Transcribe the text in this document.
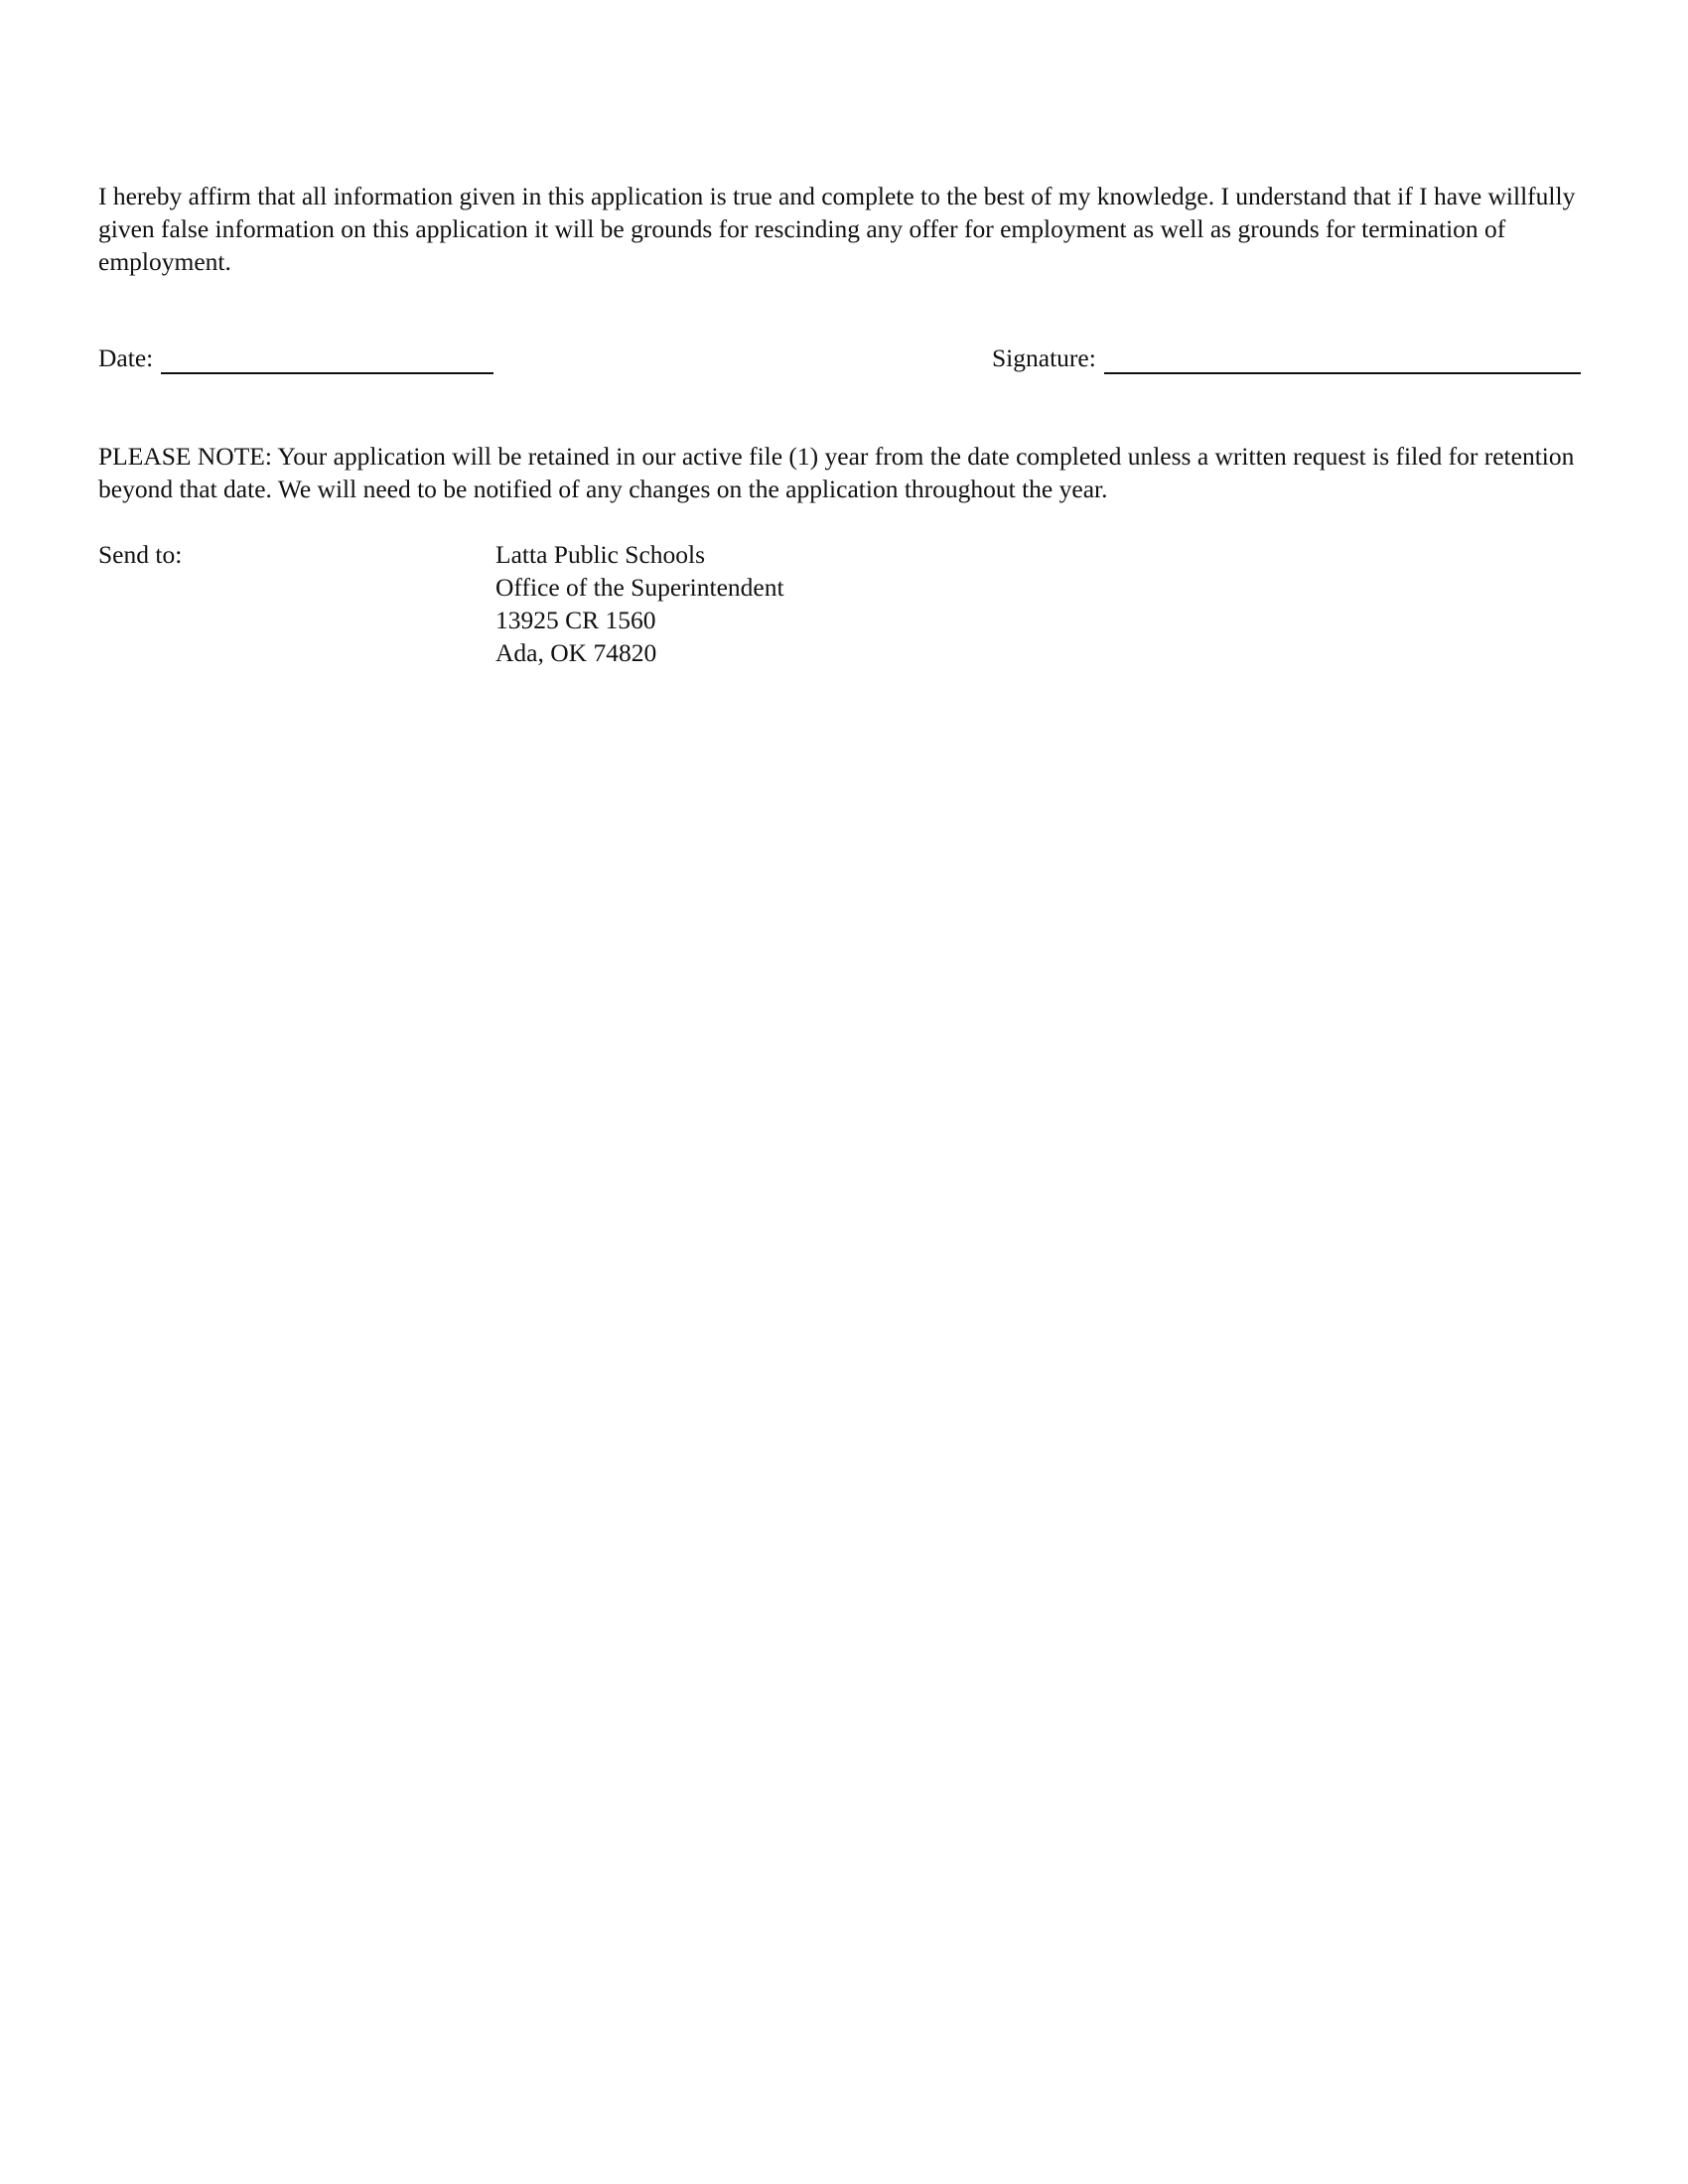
I hereby affirm that all information given in this application is true and complete to the best of my knowledge. I understand that if I have willfully given false information on this application it will be grounds for rescinding any offer for employment as well as grounds for termination of employment.

Date:	Signature:

PLEASE NOTE: Your application will be retained in our active file (1) year from the date completed unless a written request is filed for retention beyond that date. We will need to be notified of any changes on the application throughout the year.

Send to:	Latta Public Schools
Office of the Superintendent
13925 CR 1560
Ada, OK 74820
